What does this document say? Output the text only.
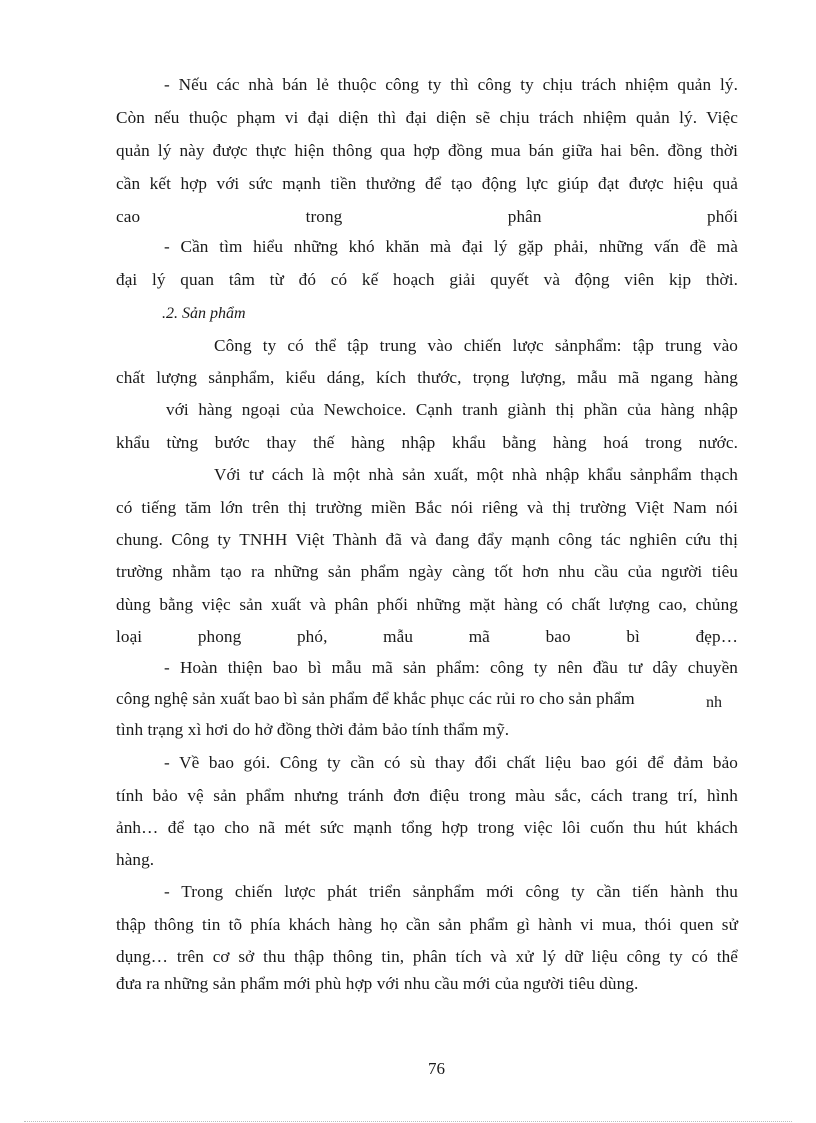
- Nếu các nhà bán lẻ thuộc công ty thì công ty chịu trách nhiệm quản lý.
Còn nếu thuộc phạm vi đại diện thì đại diện sẽ chịu trách nhiệm quản lý. Việc
quản lý này được thực hiện thông qua hợp đồng mua bán giữa hai bên. đồng thời
cần kết hợp với sức mạnh tiền thưởng để tạo động lực giúp đạt được hiệu quả
cao trong phân phối
- Cần tìm hiểu những khó khăn mà đại lý gặp phải, những vấn đề mà
đại lý quan tâm từ đó có kế hoạch giải quyết và động viên kịp thời.
.2. Sản phẩm
Công ty có thể tập trung vào chiến lược sảnphẩm: tập trung vào
chất lượng sảnphẩm, kiểu dáng, kích thước, trọng lượng, mẫu mã ngang hàng
với hàng ngoại của Newchoice. Cạnh tranh giành thị phần của hàng nhập
khẩu từng bước thay thế hàng nhập khẩu bằng hàng hoá trong nước.
Với tư cách là một nhà sản xuất, một nhà nhập khẩu sảnphẩm thạch
có tiếng tăm lớn trên thị trường miền Bắc nói riêng và thị trường Việt Nam nói
chung. Công ty TNHH Việt Thành đã và đang đẩy mạnh công tác nghiên cứu thị
trường nhằm tạo ra những sản phẩm ngày càng tốt hơn nhu cầu của người tiêu
dùng bằng việc sản xuất và phân phối những mặt hàng có chất lượng cao, chủng
loại phong phó, mẫu mã bao bì đẹp…
- Hoàn thiện bao bì mẫu mã sản phẩm: công ty nên đầu tư dây chuyền
công nghệ sản xuất bao bì sản phẩm để khắc phục các rủi ro cho sản phẩm	nh
tình trạng xì hơi do hở đồng thời đảm bảo tính thẩm mỹ.
- Về bao gói. Công ty cần có sù thay đổi chất liệu bao gói để đảm bảo
tính bảo vệ sản phẩm nhưng tránh đơn điệu trong màu sắc, cách trang trí, hình
ảnh… để tạo cho nã mét sức mạnh tổng hợp trong việc lôi cuốn thu hút khách
hàng.
- Trong chiến lược phát triển sảnphẩm mới công ty cần tiến hành thu
thập thông tin tõ phía khách hàng họ cần sản phẩm gì hành vi mua, thói quen sử
dụng… trên cơ sở thu thập thông tin, phân tích và xử lý dữ liệu công ty có thể
đưa ra những sản phẩm mới phù hợp với nhu cầu mới của người tiêu dùng.
76
